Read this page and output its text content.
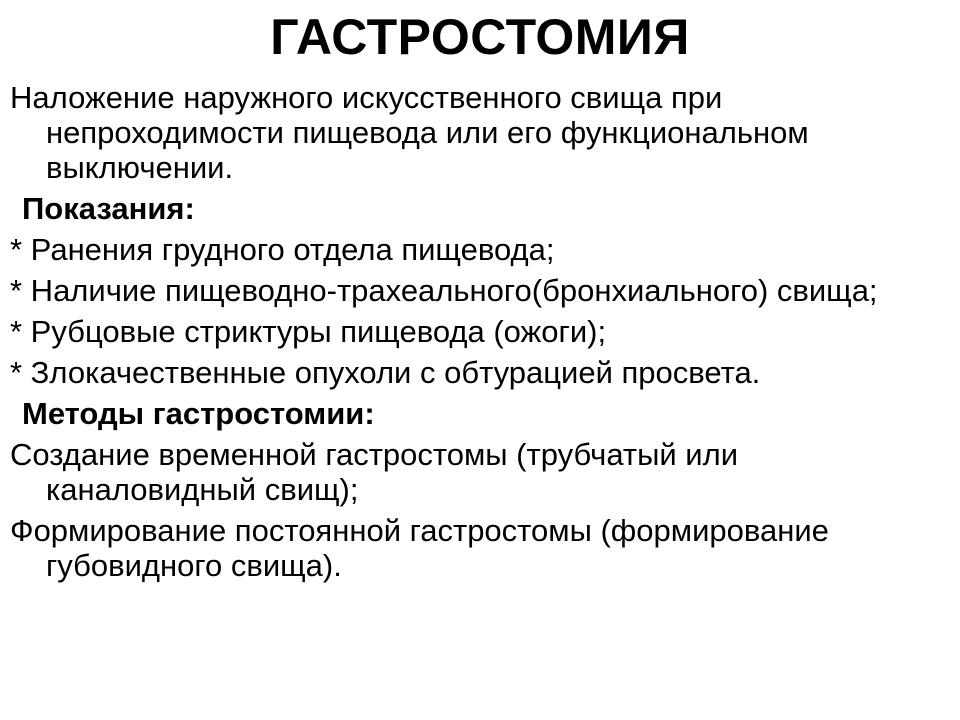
ГАСТРОСТОМИЯ

Наложение наружного искусственного свища при непроходимости пищевода или его функциональном выключении.

Показания:

* Ранения грудного отдела пищевода;

* Наличие пищеводно-трахеального(бронхиального) свища;

* Рубцовые стриктуры пищевода (ожоги);

* Злокачественные опухоли с обтурацией просвета.

Методы гастростомии:

Создание временной гастростомы (трубчатый или каналовидный свищ);

Формирование постоянной гастростомы (формирование губовидного свища).
